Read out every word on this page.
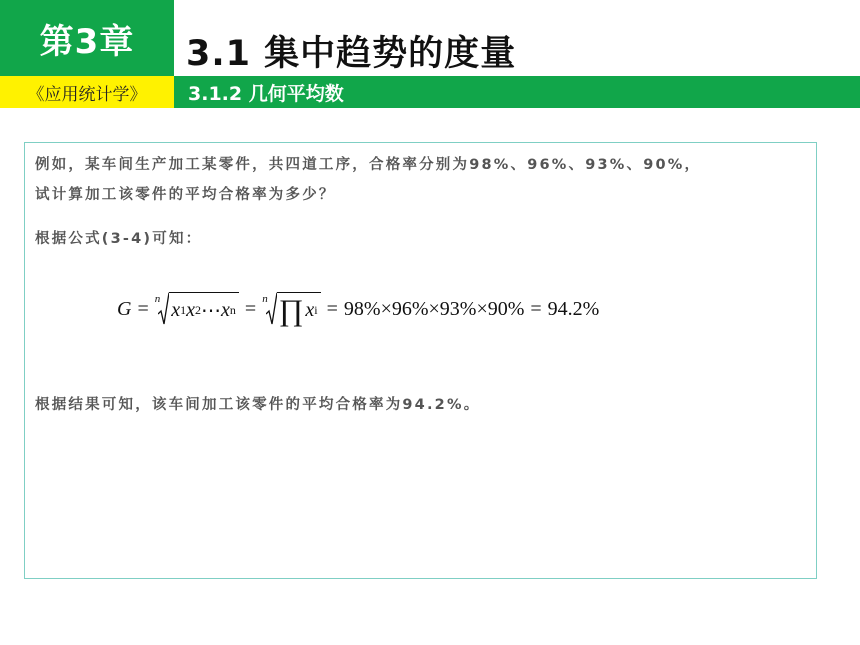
第3章	3.1 集中趋势的度量
《应用统计学》	3.1.2 几何平均数
例如，某车间生产加工某零件，共四道工序，合格率分别为98%、96%、93%、90%，
试计算加工该零件的平均合格率为多少？
根据公式(3-4)可知：
G = n x 1 x 2 ⋯ x n = n ∏ x i = 98%×96%×93%×90% = 94.2%
根据结果可知，该车间加工该零件的平均合格率为94.2%。
